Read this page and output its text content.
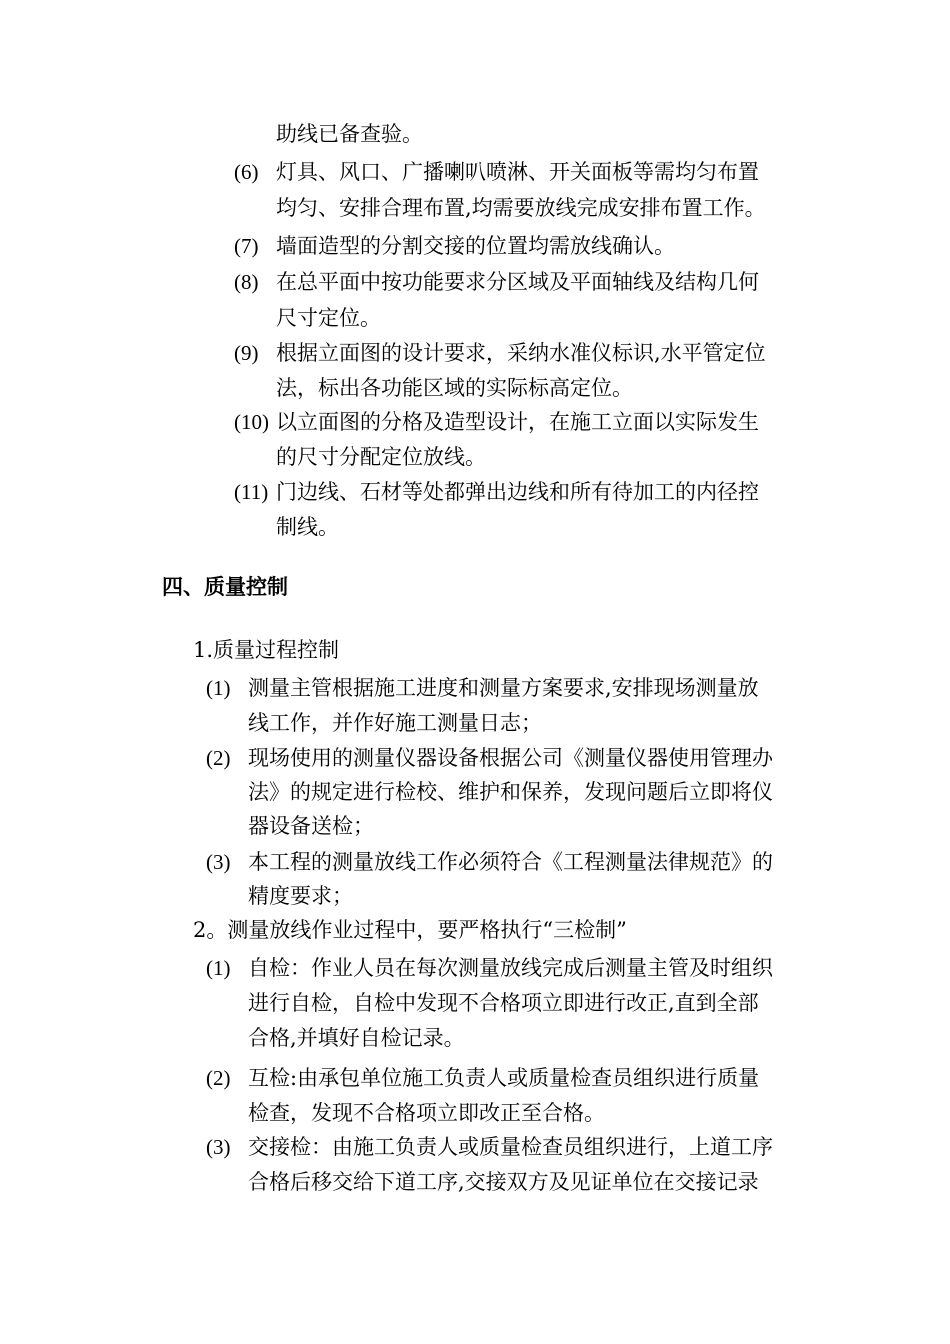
助线已备查验。
(6) 灯具、风口、广播喇叭喷淋、开关面板等需均匀布置
均匀、安排合理布置,均需要放线完成安排布置工作。
(7) 墙面造型的分割交接的位置均需放线确认。
(8) 在总平面中按功能要求分区域及平面轴线及结构几何
尺寸定位。
(9) 根据立面图的设计要求，采纳水准仪标识,水平管定位
法，标出各功能区域的实际标高定位。
(10) 以立面图的分格及造型设计，在施工立面以实际发生
的尺寸分配定位放线。
(11) 门边线、石材等处都弹出边线和所有待加工的内径控
制线。
四、质量控制
1.质量过程控制
(1) 测量主管根据施工进度和测量方案要求,安排现场测量放
线工作，并作好施工测量日志；
(2) 现场使用的测量仪器设备根据公司《测量仪器使用管理办
法》的规定进行检校、维护和保养，发现问题后立即将仪
器设备送检；
(3) 本工程的测量放线工作必须符合《工程测量法律规范》的
精度要求；
2。测量放线作业过程中，要严格执行“三检制”
(1) 自检：作业人员在每次测量放线完成后测量主管及时组织
进行自检，自检中发现不合格项立即进行改正,直到全部
合格,并填好自检记录。
(2) 互检:由承包单位施工负责人或质量检查员组织进行质量
检查，发现不合格项立即改正至合格。
(3) 交接检：由施工负责人或质量检查员组织进行，上道工序
合格后移交给下道工序,交接双方及见证单位在交接记录
